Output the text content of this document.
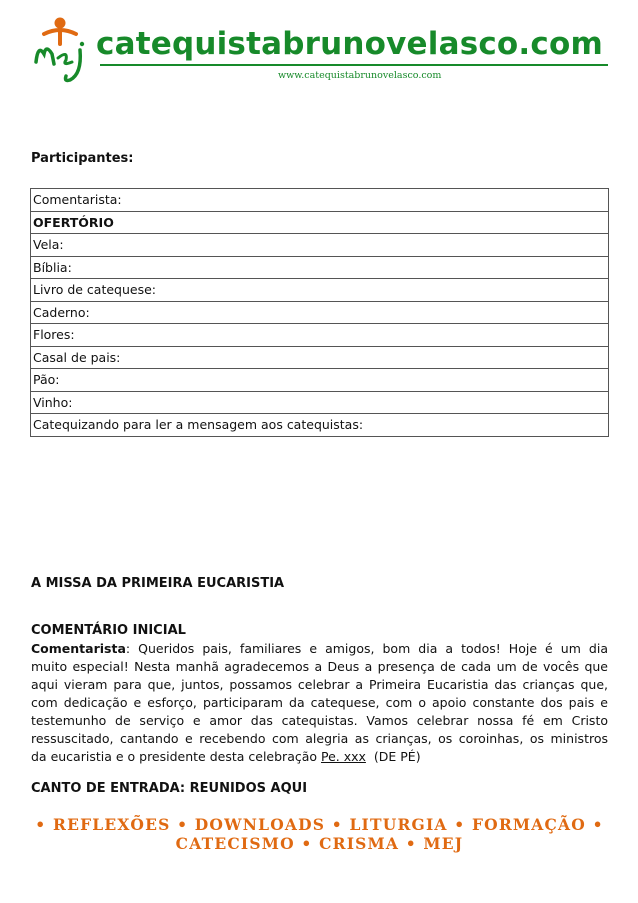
catequistabrunovelasco.com
www.catequistabrunovelasco.com
Participantes:
Comentarista:
OFERTÓRIO
Vela:
Bíblia:
Livro de catequese:
Caderno:
Flores:
Casal de pais:
Pão:
Vinho:
Catequizando para ler a mensagem aos catequistas:
A MISSA DA PRIMEIRA EUCARISTIA
COMENTÁRIO INICIAL
Comentarista: Queridos pais, familiares e amigos, bom dia a todos! Hoje é um dia
muito especial! Nesta manhã agradecemos a Deus a presença de cada um de vocês que
aqui vieram para que, juntos, possamos celebrar a Primeira Eucaristia das crianças que,
com dedicação e esforço, participaram da catequese, com o apoio constante dos pais e
testemunho de serviço e amor das catequistas. Vamos celebrar nossa fé em Cristo
ressuscitado, cantando e recebendo com alegria as crianças, os coroinhas, os ministros
da eucaristia e o presidente desta celebração Pe. xxx (DE PÉ)
CANTO DE ENTRADA: REUNIDOS AQUI
• REFLEXÕES • DOWNLOADS • LITURGIA • FORMAÇÃO •
CATECISMO • CRISMA • MEJ
